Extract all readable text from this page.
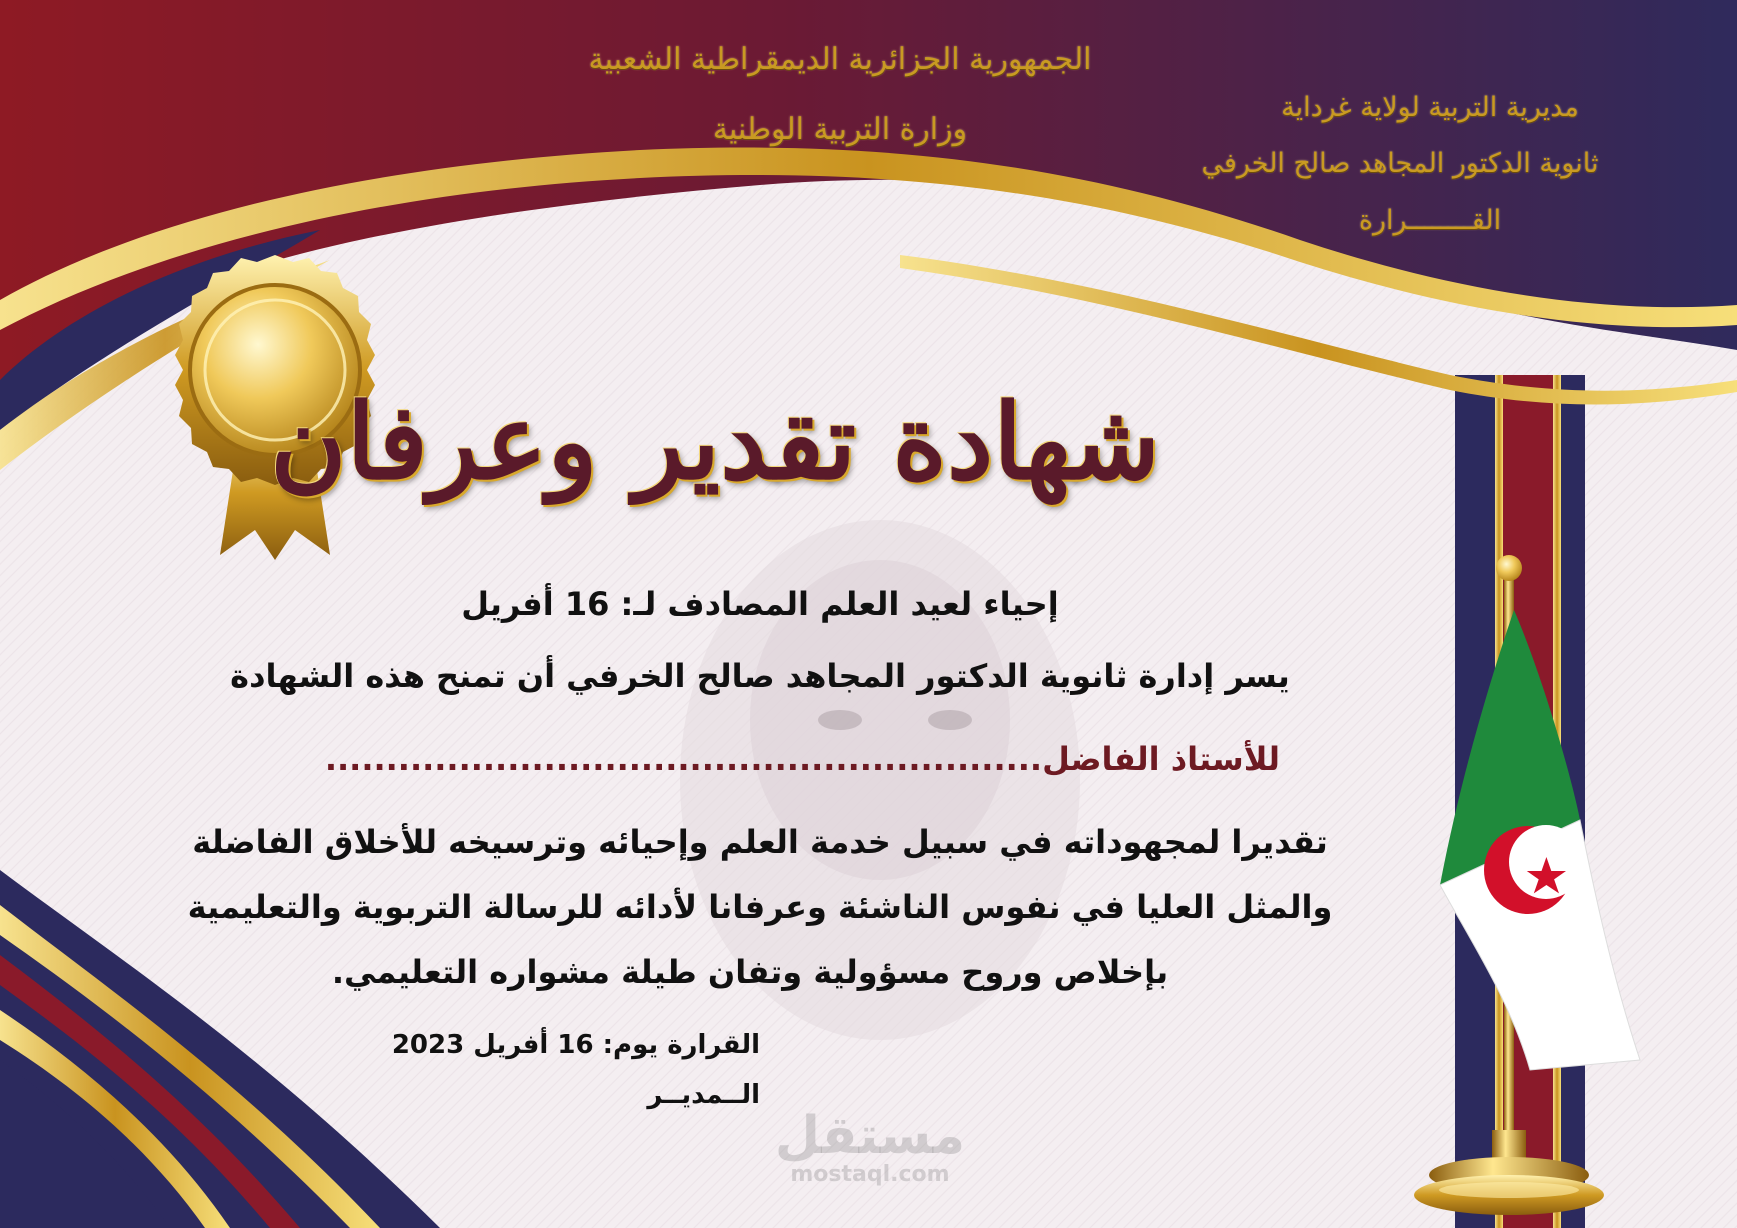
الجمهورية الجزائرية الديمقراطية الشعبية
وزارة التربية الوطنية
مديرية التربية لولاية غرداية
ثانوية الدكتور المجاهد صالح الخرفي
القــــــــرارة
شهادة تقدير وعرفان
إحياء لعيد العلم المصادف لـ: 16 أفريل
يسر إدارة ثانوية الدكتور المجاهد صالح الخرفي أن تمنح هذه الشهادة
للأستاذ الفاضل...........................................................
تقديرا لمجهوداته في سبيل خدمة العلم وإحيائه وترسيخه للأخلاق الفاضلة
والمثل العليا في نفوس الناشئة وعرفانا لأدائه للرسالة التربوية والتعليمية
بإخلاص وروح مسؤولية وتفان طيلة مشواره التعليمي.
القرارة يوم: 16 أفريل 2023
الــمديــر
مستقل
mostaql.com
